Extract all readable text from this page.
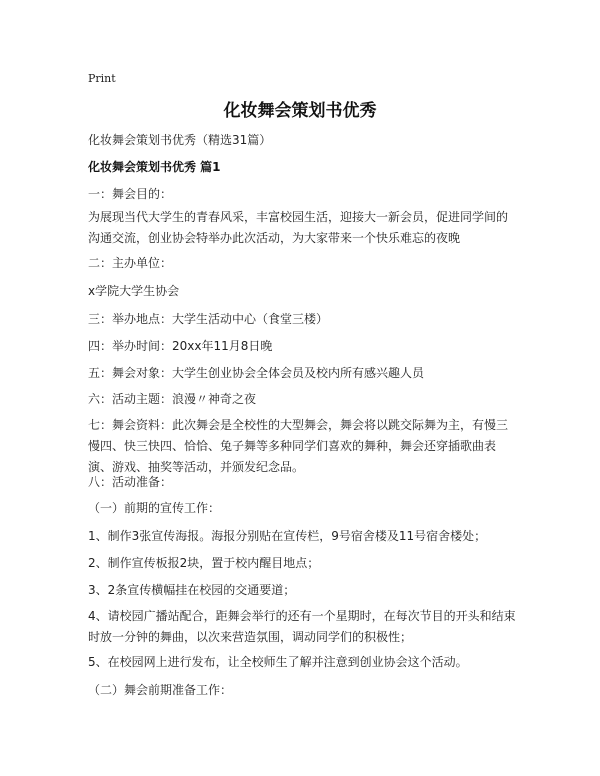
Print
化妆舞会策划书优秀
化妆舞会策划书优秀（精选31篇）
化妆舞会策划书优秀 篇1
一：舞会目的：
为展现当代大学生的青春风采，丰富校园生活，迎接大一新会员，促进同学间的沟通交流，创业协会特举办此次活动，为大家带来一个快乐难忘的夜晚
二：主办单位：
x学院大学生协会
三：举办地点：大学生活动中心（食堂三楼）
四：举办时间：20xx年11月8日晚
五：舞会对象：大学生创业协会全体会员及校内所有感兴趣人员
六：活动主题：浪漫〃神奇之夜
七：舞会资料：此次舞会是全校性的大型舞会，舞会将以跳交际舞为主，有慢三慢四、快三快四、恰恰、兔子舞等多种同学们喜欢的舞种，舞会还穿插歌曲表演、游戏、抽奖等活动，并颁发纪念品。
八：活动准备：
（一）前期的宣传工作：
1、制作3张宣传海报。海报分别贴在宣传栏，9号宿舍楼及11号宿舍楼处；
2、制作宣传板报2块，置于校内醒目地点；
3、2条宣传横幅挂在校园的交通要道；
4、请校园广播站配合，距舞会举行的还有一个星期时，在每次节目的开头和结束时放一分钟的舞曲，以次来营造氛围，调动同学们的积极性；
5、在校园网上进行发布，让全校师生了解并注意到创业协会这个活动。
（二）舞会前期准备工作：
